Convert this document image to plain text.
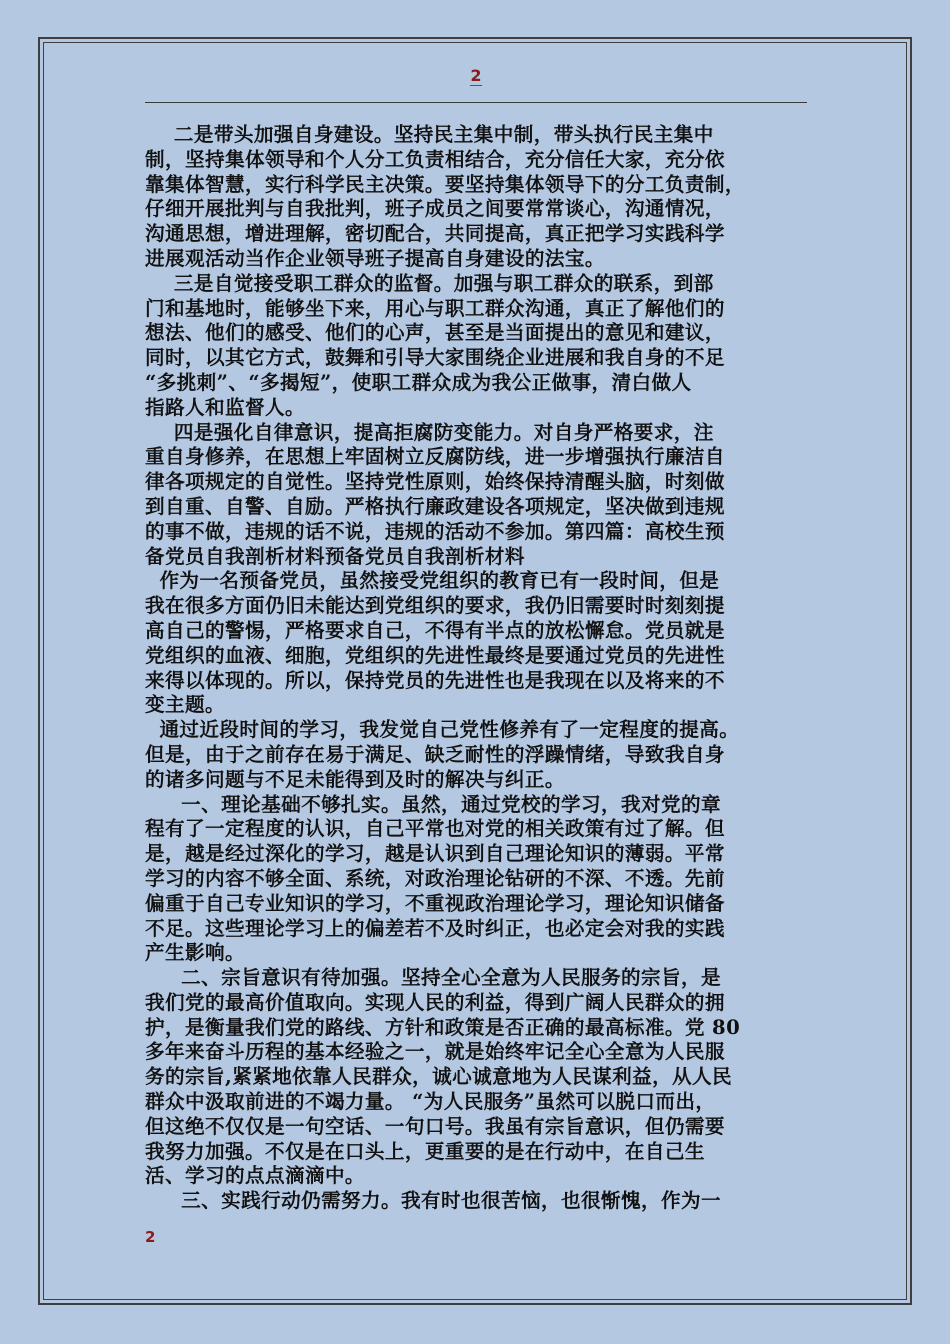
2
二是带头加强自身建设。坚持民主集中制，带头执行民主集中
制，坚持集体领导和个人分工负责相结合，充分信任大家，充分依
靠集体智慧，实行科学民主决策。要坚持集体领导下的分工负责制，
仔细开展批判与自我批判，班子成员之间要常常谈心，沟通情况，
沟通思想，增进理解，密切配合，共同提高，真正把学习实践科学
进展观活动当作企业领导班子提高自身建设的法宝。
三是自觉接受职工群众的监督。加强与职工群众的联系，到部
门和基地时，能够坐下来，用心与职工群众沟通，真正了解他们的
想法、他们的感受、他们的心声，甚至是当面提出的意见和建议，
同时，以其它方式，鼓舞和引导大家围绕企业进展和我自身的不足
“多挑刺”、“多揭短”，使职工群众成为我公正做事，清白做人
指路人和监督人。
四是强化自律意识，提高拒腐防变能力。对自身严格要求，注
重自身修养，在思想上牢固树立反腐防线，进一步增强执行廉洁自
律各项规定的自觉性。坚持党性原则，始终保持清醒头脑，时刻做
到自重、自警、自励。严格执行廉政建设各项规定，坚决做到违规
的事不做，违规的话不说，违规的活动不参加。第四篇：高校生预
备党员自我剖析材料预备党员自我剖析材料
作为一名预备党员，虽然接受党组织的教育已有一段时间，但是
我在很多方面仍旧未能达到党组织的要求，我仍旧需要时时刻刻提
高自己的警惕，严格要求自己，不得有半点的放松懈怠。党员就是
党组织的血液、细胞，党组织的先进性最终是要通过党员的先进性
来得以体现的。所以，保持党员的先进性也是我现在以及将来的不
变主题。
通过近段时间的学习，我发觉自己党性修养有了一定程度的提高。
但是，由于之前存在易于满足、缺乏耐性的浮躁情绪，导致我自身
的诸多问题与不足未能得到及时的解决与纠正。
一、理论基础不够扎实。虽然，通过党校的学习，我对党的章
程有了一定程度的认识，自己平常也对党的相关政策有过了解。但
是，越是经过深化的学习，越是认识到自己理论知识的薄弱。平常
学习的内容不够全面、系统，对政治理论钻研的不深、不透。先前
偏重于自己专业知识的学习，不重视政治理论学习，理论知识储备
不足。这些理论学习上的偏差若不及时纠正，也必定会对我的实践
产生影响。
二、宗旨意识有待加强。坚持全心全意为人民服务的宗旨，是
我们党的最高价值取向。实现人民的利益，得到广阔人民群众的拥
护，是衡量我们党的路线、方针和政策是否正确的最高标准。党 80
多年来奋斗历程的基本经验之一，就是始终牢记全心全意为人民服
务的宗旨,紧紧地依靠人民群众，诚心诚意地为人民谋利益，从人民
群众中汲取前进的不竭力量。 “为人民服务”虽然可以脱口而出，
但这绝不仅仅是一句空话、一句口号。我虽有宗旨意识，但仍需要
我努力加强。不仅是在口头上，更重要的是在行动中，在自己生
活、学习的点点滴滴中。
三、实践行动仍需努力。我有时也很苦恼，也很惭愧，作为一
2
